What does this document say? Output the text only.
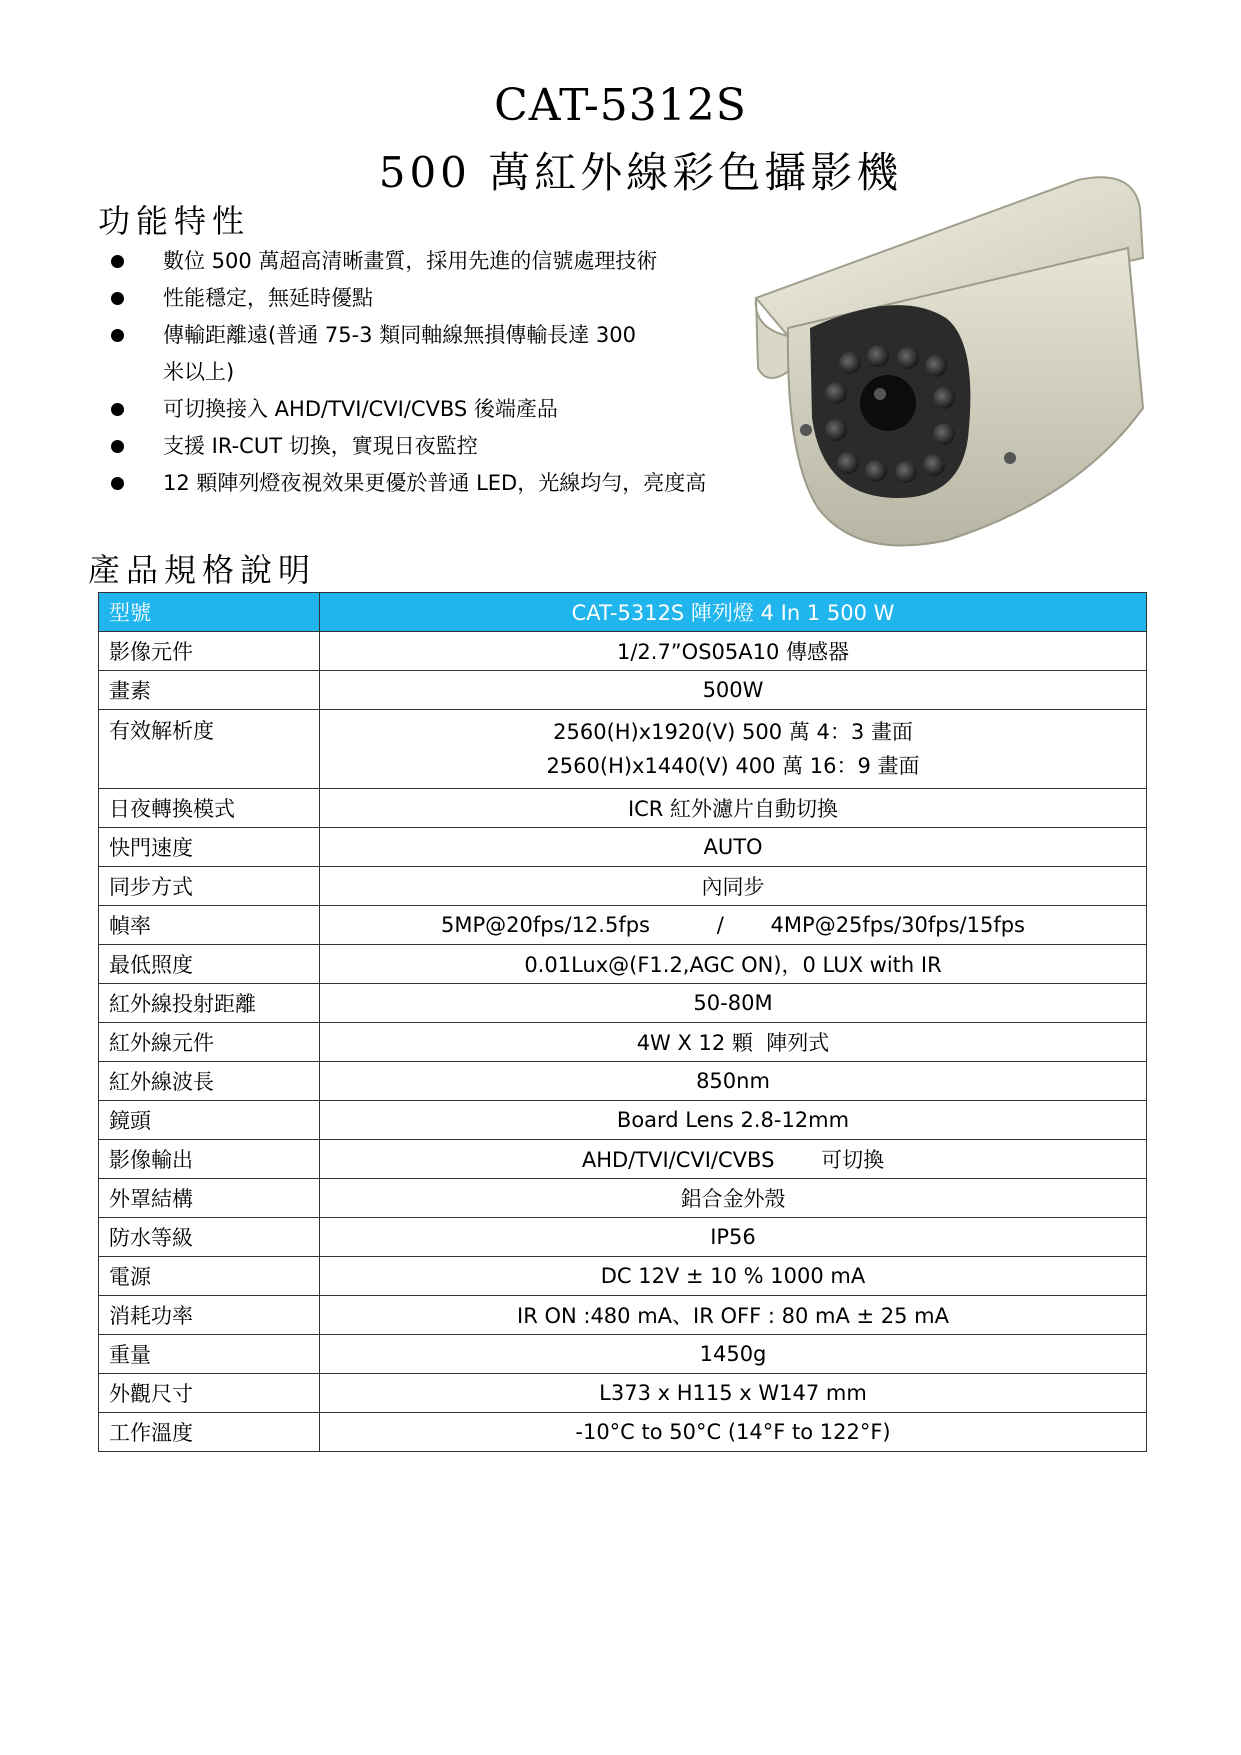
CAT-5312S
500 萬紅外線彩色攝影機
功能特性
數位 500 萬超高清晰畫質，採用先進的信號處理技術
性能穩定，無延時優點
傳輸距離遠(普通 75-3 類同軸線無損傳輸長達 300
米以上)
可切換接入 AHD/TVI/CVI/CVBS 後端產品
支援 IR-CUT 切換，實現日夜監控
12 顆陣列燈夜視效果更優於普通 LED，光線均勻，亮度高
產品規格說明
型號	CAT-5312S 陣列燈 4 In 1 500 W
影像元件	1/2.7”OS05A10 傳感器
畫素	500W
有效解析度	2560(H)x1920(V) 500 萬 4：3 畫面
2560(H)x1440(V) 400 萬 16：9 畫面

日夜轉換模式	ICR 紅外濾片自動切換
快門速度	AUTO
同步方式	內同步
幀率	5MP@20fps/12.5fps          /       4MP@25fps/30fps/15fps
最低照度	0.01Lux@(F1.2,AGC ON)，0 LUX with IR
紅外線投射距離	50-80M
紅外線元件	4W X 12 顆  陣列式
紅外線波長	850nm
鏡頭	Board Lens 2.8-12mm
影像輸出	AHD/TVI/CVI/CVBS       可切換
外罩結構	鋁合金外殼
防水等級	IP56
電源	DC 12V ± 10 % 1000 mA
消耗功率	IR ON :480 mA、IR OFF : 80 mA ± 25 mA
重量	1450g
外觀尺寸	L373 x H115 x W147 mm
工作溫度	-10°C to 50°C (14°F to 122°F)
